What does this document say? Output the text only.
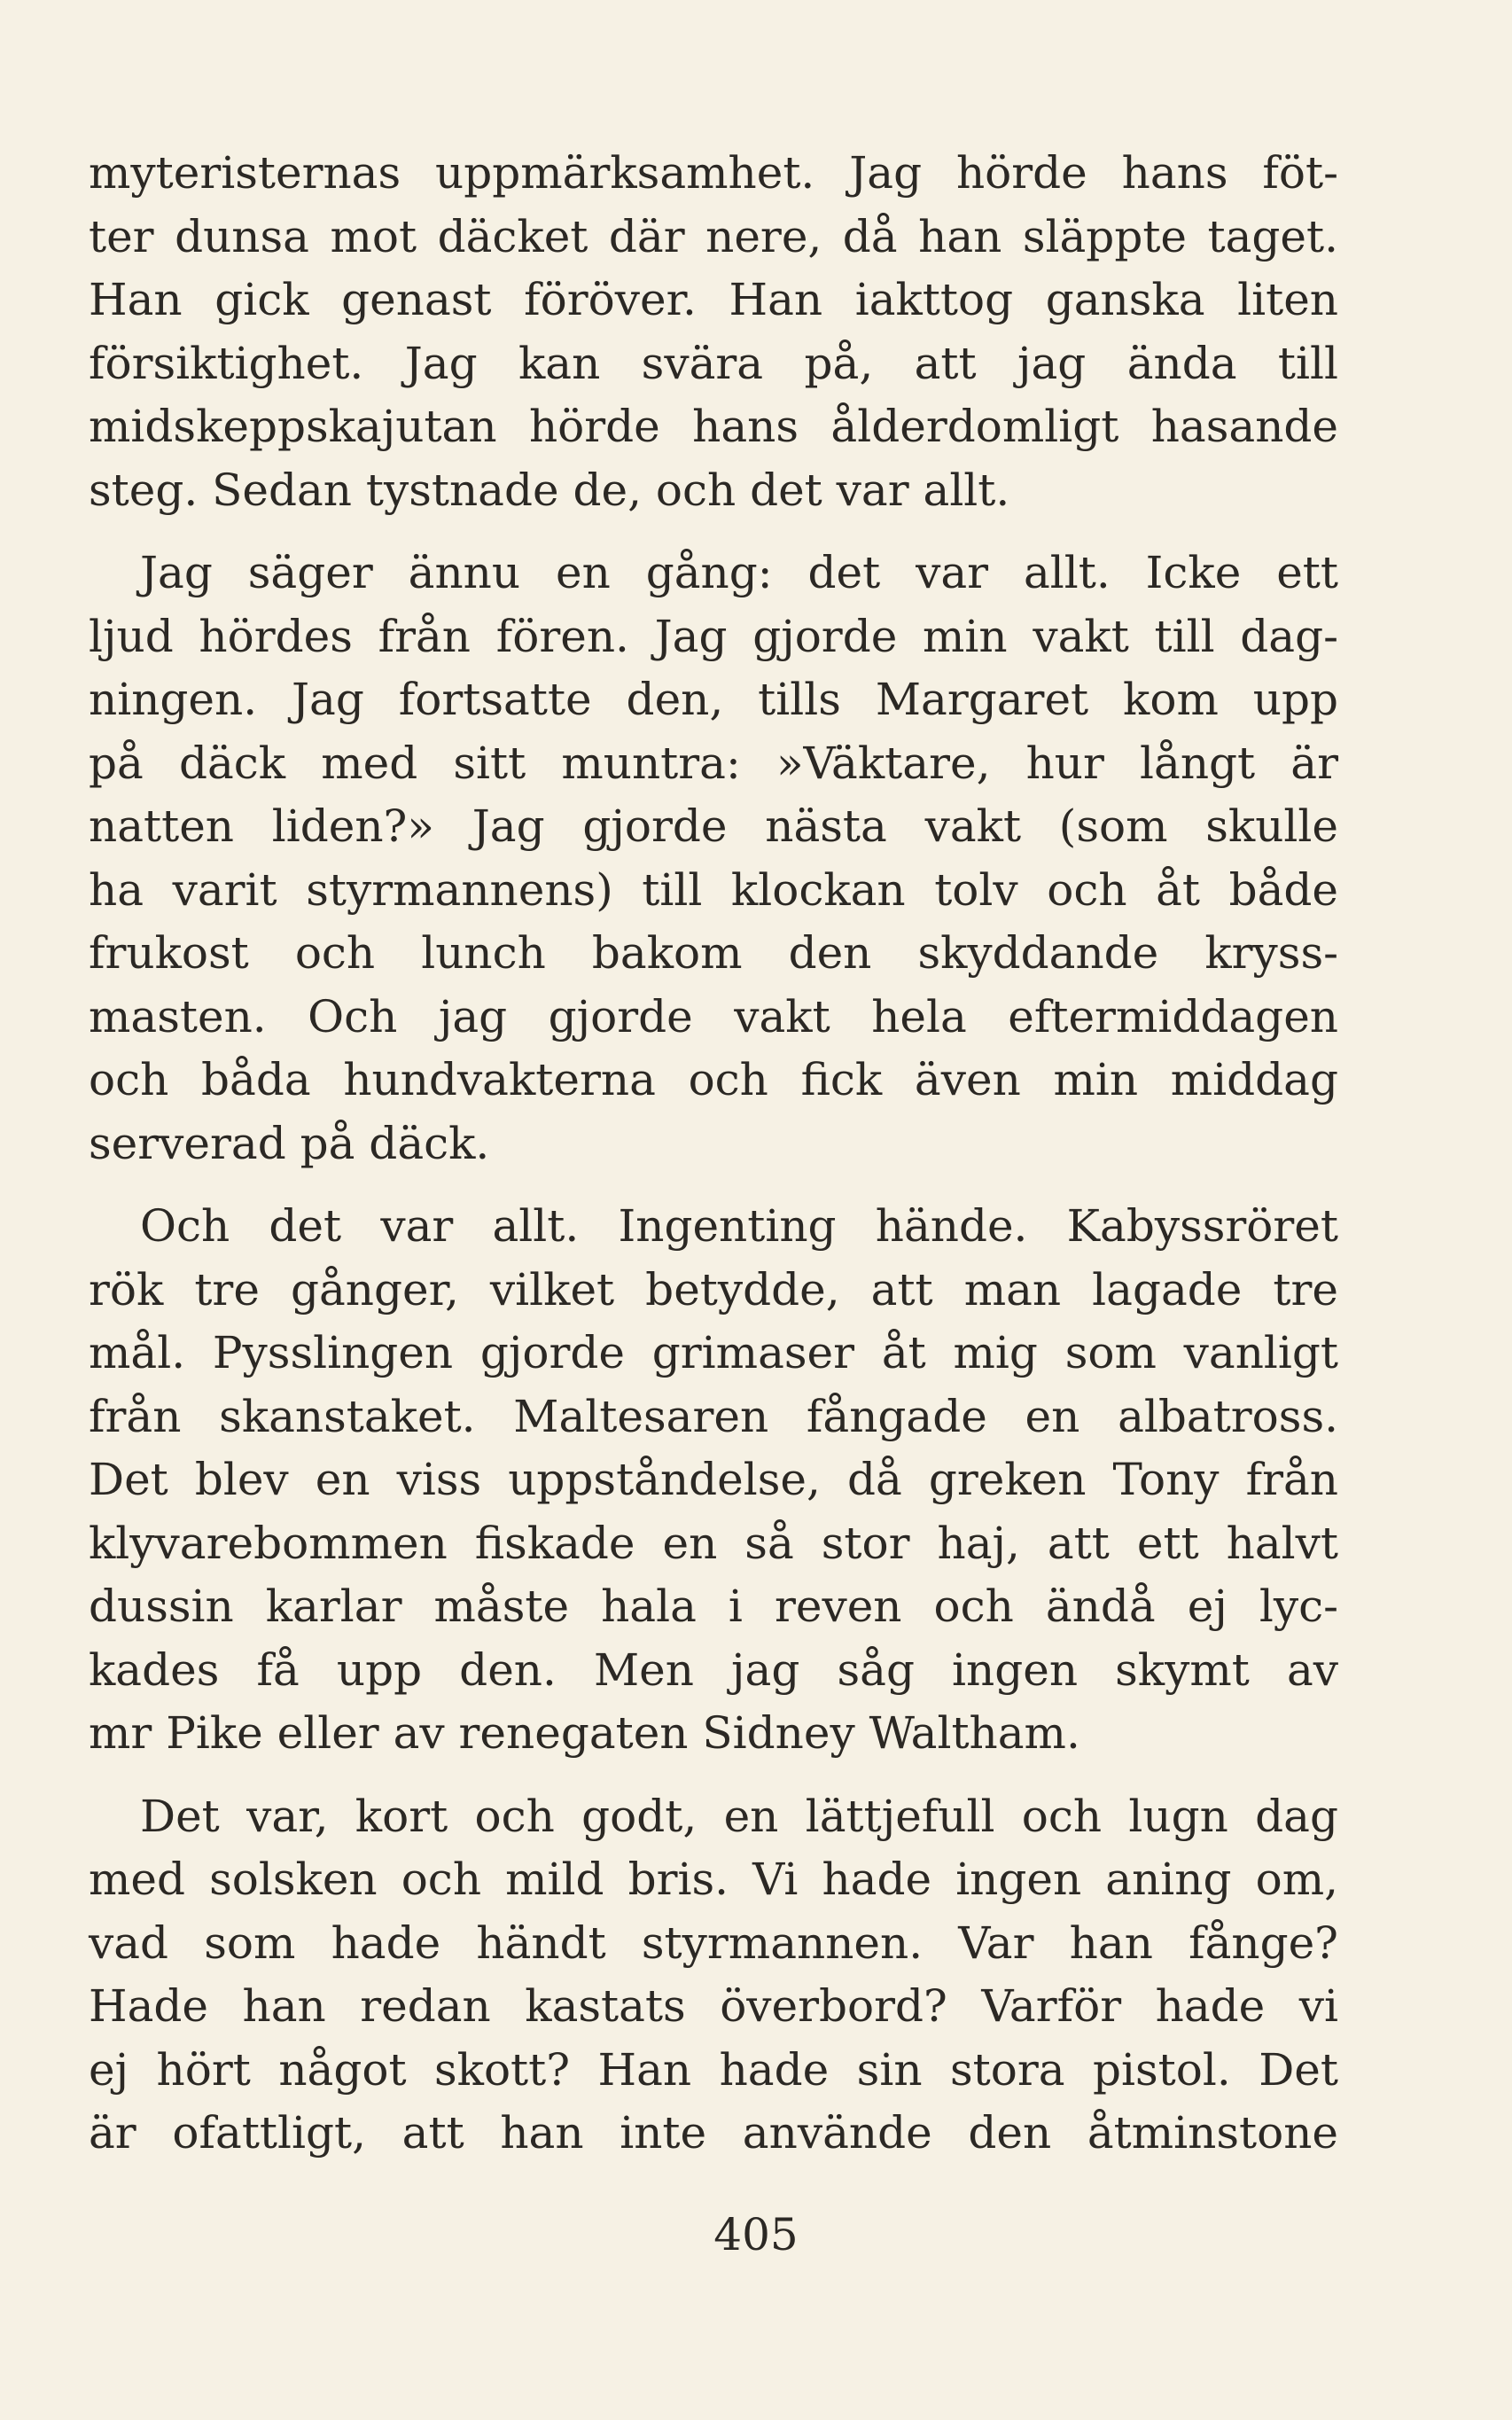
myteristernas uppmärksamhet. Jag hörde hans föt-
ter dunsa mot däcket där nere, då han släppte taget.
Han gick genast föröver. Han iakttog ganska liten
försiktighet. Jag kan svära på, att jag ända till
midskeppskajutan hörde hans ålderdomligt hasande
steg. Sedan tystnade de, och det var allt.
Jag säger ännu en gång: det var allt. Icke ett
ljud hördes från fören. Jag gjorde min vakt till dag-
ningen. Jag fortsatte den, tills Margaret kom upp
på däck med sitt muntra: »Väktare, hur långt är
natten liden?» Jag gjorde nästa vakt (som skulle
ha varit styrmannens) till klockan tolv och åt både
frukost och lunch bakom den skyddande kryss-
masten. Och jag gjorde vakt hela eftermiddagen
och båda hundvakterna och fick även min middag
serverad på däck.
Och det var allt. Ingenting hände. Kabyssröret
rök tre gånger, vilket betydde, att man lagade tre
mål. Pysslingen gjorde grimaser åt mig som vanligt
från skanstaket. Maltesaren fångade en albatross.
Det blev en viss uppståndelse, då greken Tony från
klyvarebommen fiskade en så stor haj, att ett halvt
dussin karlar måste hala i reven och ändå ej lyc-
kades få upp den. Men jag såg ingen skymt av
mr Pike eller av renegaten Sidney Waltham.
Det var, kort och godt, en lättjefull och lugn dag
med solsken och mild bris. Vi hade ingen aning om,
vad som hade händt styrmannen. Var han fånge?
Hade han redan kastats överbord? Varför hade vi
ej hört något skott? Han hade sin stora pistol. Det
är ofattligt, att han inte använde den åtminstone
405
